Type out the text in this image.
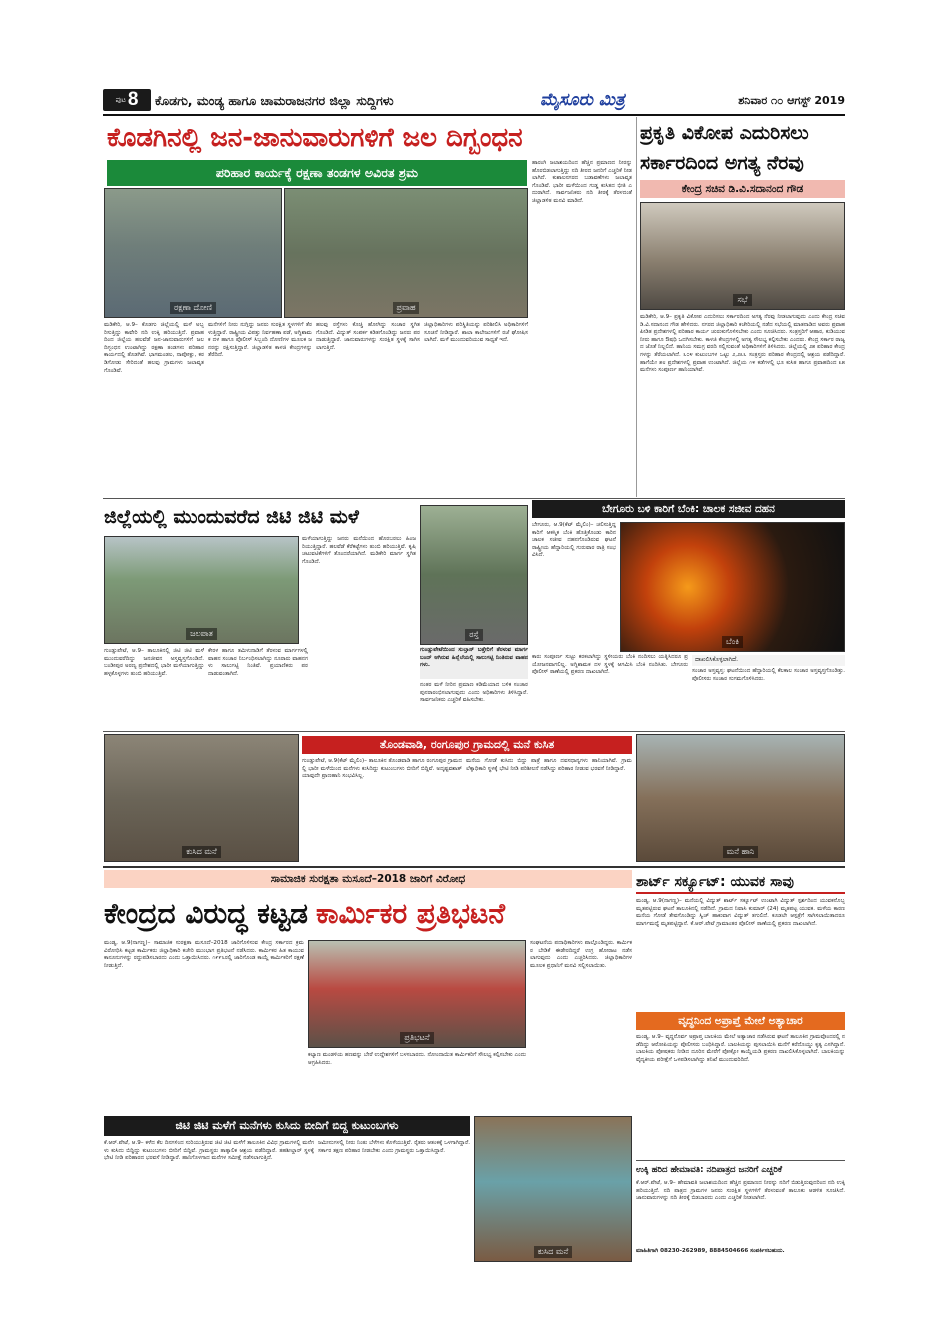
ಪುಟ 8 ಕೊಡಗು, ಮಂಡ್ಯ ಹಾಗೂ ಚಾಮರಾಜನಗರ ಜಿಲ್ಲಾ ಸುದ್ದಿಗಳು	ಮೈಸೂರು ಮಿತ್ರ	ಶನಿವಾರ ೧೦ ಆಗಸ್ಟ್ 2019
ಕೊಡಗಿನಲ್ಲಿ ಜನ-ಜಾನುವಾರುಗಳಿಗೆ ಜಲ ದಿಗ್ಬಂಧನ
ಪರಿಹಾರ ಕಾರ್ಯಕ್ಕೆ ರಕ್ಷಣಾ ತಂಡಗಳ ಅವಿರತ ಶ್ರಮ
ರಕ್ಷಣಾ ದೋಣಿ	ಪ್ರವಾಹ
ಮಡಿಕೇರಿ, ಆ.9– ಕೊಡಗು ಜಿಲ್ಲೆಯಲ್ಲಿ ಮಳೆ ಅಬ್ಬರಿಸುತ್ತಿದ್ದು ಕಾವೇರಿ ನದಿ ಉಕ್ಕಿ ಹರಿಯುತ್ತಿದೆ. ಪ್ರವಾಹದಿಂದ ಜಿಲ್ಲೆಯ ಹಲವೆಡೆ ಜನ-ಜಾನುವಾರುಗಳಿಗೆ ಜಲ ದಿಗ್ಬಂಧನ ಉಂಟಾಗಿದ್ದು ರಕ್ಷಣಾ ತಂಡಗಳು ಪರಿಹಾರ ಕಾರ್ಯದಲ್ಲಿ ತೊಡಗಿವೆ. ಭಾಗಮಂಡಲ, ನಾಪೋಕ್ಲು, ಕರಡಿಗೋಡು ಸೇರಿದಂತೆ ಹಲವು ಗ್ರಾಮಗಳು ಜಲಾವೃತಗೊಂಡಿವೆ.
ಮನೆಗಳಿಗೆ ನೀರು ನುಗ್ಗಿದ್ದು ಜನರು ಸುರಕ್ಷಿತ ಸ್ಥಳಗಳಿಗೆ ತೆರಳುತ್ತಿದ್ದಾರೆ. ರಾಷ್ಟ್ರೀಯ ವಿಪತ್ತು ನಿರ್ವಹಣಾ ಪಡೆ, ಅಗ್ನಿಶಾಮಕ ದಳ ಹಾಗೂ ಪೊಲೀಸ್ ಸಿಬ್ಬಂದಿ ದೋಣಿಗಳ ಮೂಲಕ ಜನರನ್ನು ರಕ್ಷಿಸುತ್ತಿದ್ದಾರೆ. ಜಿಲ್ಲಾಡಳಿತ ಕಾಳಜಿ ಕೇಂದ್ರಗಳನ್ನು ತೆರೆದಿದೆ.
ಹಲವು ರಸ್ತೆಗಳು ಕೊಚ್ಚಿ ಹೋಗಿದ್ದು ಸಂಚಾರ ಸ್ಥಗಿತಗೊಂಡಿದೆ. ವಿದ್ಯುತ್ ಸಂಪರ್ಕ ಕಡಿತಗೊಂಡಿದ್ದು ಜನರು ಪರದಾಡುತ್ತಿದ್ದಾರೆ. ಜಾನುವಾರುಗಳನ್ನು ಸುರಕ್ಷಿತ ಸ್ಥಳಕ್ಕೆ ಸಾಗಿಸಲಾಗುತ್ತಿದೆ.
ಜಿಲ್ಲಾಧಿಕಾರಿಗಳು ಪರಿಸ್ಥಿತಿಯನ್ನು ಪರಿಶೀಲಿಸಿ ಅಧಿಕಾರಿಗಳಿಗೆ ಸೂಚನೆ ನೀಡಿದ್ದಾರೆ. ಶಾಲಾ ಕಾಲೇಜುಗಳಿಗೆ ರಜೆ ಘೋಷಿಸಲಾಗಿದೆ. ಮಳೆ ಮುಂದುವರಿಯುವ ಸಾಧ್ಯತೆ ಇದೆ.
ಹಾರಂಗಿ ಜಲಾಶಯದಿಂದ ಹೆಚ್ಚಿನ ಪ್ರಮಾಣದ ನೀರನ್ನು ಹೊರಬಿಡಲಾಗುತ್ತಿದ್ದು ನದಿ ತೀರದ ಜನರಿಗೆ ಎಚ್ಚರಿಕೆ ನೀಡಲಾಗಿದೆ. ಕುಶಾಲನಗರದ ಬಡಾವಣೆಗಳು ಜಲಾವೃತಗೊಂಡಿವೆ. ಭಾರೀ ಮಳೆಯಿಂದ ಗುಡ್ಡ ಕುಸಿತದ ಭೀತಿ ಎದುರಾಗಿದೆ. ಸಾರ್ವಜನಿಕರು ನದಿ ತೀರಕ್ಕೆ ತೆರಳದಂತೆ ಜಿಲ್ಲಾಡಳಿತ ಮನವಿ ಮಾಡಿದೆ.
ಪ್ರಕೃತಿ ವಿಕೋಪ ಎದುರಿಸಲು
ಸರ್ಕಾರದಿಂದ ಅಗತ್ಯ ನೆರವು
ಕೇಂದ್ರ ಸಚಿವ ಡಿ.ವಿ.ಸದಾನಂದ ಗೌಡ
ಸಭೆ
ಮಡಿಕೇರಿ, ಆ.9– ಪ್ರಕೃತಿ ವಿಕೋಪ ಎದುರಿಸಲು ಸರ್ಕಾರದಿಂದ ಅಗತ್ಯ ನೆರವು ನೀಡಲಾಗುವುದು ಎಂದು ಕೇಂದ್ರ ಸಚಿವ ಡಿ.ವಿ.ಸದಾನಂದ ಗೌಡ ಹೇಳಿದರು. ನಗರದ ಜಿಲ್ಲಾಧಿಕಾರಿ ಕಚೇರಿಯಲ್ಲಿ ನಡೆದ ಸಭೆಯಲ್ಲಿ ಮಾತನಾಡಿದ ಅವರು ಪ್ರವಾಹ ಪೀಡಿತ ಪ್ರದೇಶಗಳಲ್ಲಿ ಪರಿಹಾರ ಕಾರ್ಯ ಚುರುಕುಗೊಳಿಸಬೇಕು ಎಂದು ಸೂಚಿಸಿದರು. ಸಂತ್ರಸ್ತರಿಗೆ ಆಹಾರ, ಕುಡಿಯುವ ನೀರು ಹಾಗೂ ಔಷಧಿ ಒದಗಿಸಬೇಕು. ಕಾಳಜಿ ಕೇಂದ್ರಗಳಲ್ಲಿ ಅಗತ್ಯ ಸೌಲಭ್ಯ ಕಲ್ಪಿಸಬೇಕು ಎಂದರು. ಕೇಂದ್ರ ಸರ್ಕಾರ ರಾಜ್ಯದ ಜೊತೆ ನಿಲ್ಲಲಿದೆ. ಹಾನಿಯ ಸಮಗ್ರ ವರದಿ ಸಲ್ಲಿಸುವಂತೆ ಅಧಿಕಾರಿಗಳಿಗೆ ತಿಳಿಸಿದರು. ಜಿಲ್ಲೆಯಲ್ಲಿ ೨೫ ಪರಿಹಾರ ಕೇಂದ್ರಗಳನ್ನು ತೆರೆಯಲಾಗಿದೆ. ೬೦೪ ಕುಟುಂಬಗಳ ಒಟ್ಟು ೨,೨೩೬ ಸಂತ್ರಸ್ತರು ಪರಿಹಾರ ಕೇಂದ್ರದಲ್ಲಿ ಆಶ್ರಯ ಪಡೆದಿದ್ದಾರೆ. ಹಾಗೆಯೇ ೫೮ ಪ್ರದೇಶಗಳಲ್ಲಿ ಪ್ರವಾಹ ಉಂಟಾಗಿದೆ. ಜಿಲ್ಲೆಯ ೧೪ ಕಡೆಗಳಲ್ಲಿ ಭೂ ಕುಸಿತ ಹಾಗೂ ಪ್ರವಾಹದಿಂದ ೩೫ ಮನೆಗಳು ಸಂಪೂರ್ಣ ಹಾನಿಯಾಗಿವೆ.
ಜಿಲ್ಲೆಯಲ್ಲಿ ಮುಂದುವರೆದ ಜಿಟಿ ಜಿಟಿ ಮಳೆ
ಜಲಪಾತ
ಮಳೆಯಾಗುತ್ತಿದ್ದು ಜನರು ಮನೆಯಿಂದ ಹೊರಬರಲು ಹಿಂಜರಿಯುತ್ತಿದ್ದಾರೆ. ಹಲವೆಡೆ ಕೆರೆಕಟ್ಟೆಗಳು ತುಂಬಿ ಹರಿಯುತ್ತಿವೆ. ಕೃಷಿ ಚಟುವಟಿಕೆಗಳಿಗೆ ತೊಂದರೆಯಾಗಿದೆ. ಮಡಿಕೇರಿ ಮಾರ್ಗ ಸ್ಥಗಿತಗೊಂಡಿದೆ.
ರಸ್ತೆ
ಗುಂಡ್ಲುಪೇಟೆಯಿಂದ ಸುಲ್ತಾನ್ ಬತ್ತೇರಿಗೆ ತೆರಳುವ ಮಾರ್ಗ ಬಂದ್ ಆಗಿರುವ ಹಿನ್ನೆಲೆಯಲ್ಲಿ ಸಾಲುಗಟ್ಟಿ ನಿಂತಿರುವ ವಾಹನಗಳು.
ಗುಂಡ್ಲುಪೇಟೆ, ಆ.9– ತಾಲೂಕಿನಲ್ಲಿ ಜಿಟಿ ಜಿಟಿ ಮಳೆ ಮುಂದುವರೆದಿದ್ದು ಜನಜೀವನ ಅಸ್ತವ್ಯಸ್ತಗೊಂಡಿದೆ. ಬಂಡೀಪುರ ಅರಣ್ಯ ಪ್ರದೇಶದಲ್ಲಿ ಭಾರೀ ಮಳೆಯಾಗುತ್ತಿದ್ದು ಹಳ್ಳಕೊಳ್ಳಗಳು ತುಂಬಿ ಹರಿಯುತ್ತಿವೆ.
ಕೇರಳ ಹಾಗೂ ತಮಿಳುನಾಡಿಗೆ ತೆರಳುವ ಮಾರ್ಗಗಳಲ್ಲಿ ವಾಹನ ಸಂಚಾರ ನಿರ್ಬಂಧಿಸಲಾಗಿದ್ದು ನೂರಾರು ವಾಹನಗಳು ಸಾಲುಗಟ್ಟಿ ನಿಂತಿವೆ. ಪ್ರಯಾಣಿಕರು ಪರದಾಡುವಂತಾಗಿದೆ.
ನಂತರ ಮಳೆ ನೀರಿನ ಪ್ರಮಾಣ ಕಡಿಮೆಯಾದ ಬಳಿಕ ಸಂಚಾರ ಪುನರಾರಂಭಿಸಲಾಗುವುದು ಎಂದು ಅಧಿಕಾರಿಗಳು ತಿಳಿಸಿದ್ದಾರೆ. ಸಾರ್ವಜನಿಕರು ಎಚ್ಚರಿಕೆ ವಹಿಸಬೇಕು.
ಬೇಗೂರು ಬಳಿ ಕಾರಿಗೆ ಬೆಂಕಿ: ಚಾಲಕ ಸಜೀವ ದಹನ
ಬೇಗೂರು, ಆ.9(ಕೆಟ್ ಮೈಲಿಂ)– ಚಲಿಸುತ್ತಿದ್ದ ಕಾರಿಗೆ ಆಕಸ್ಮಿಕ ಬೆಂಕಿ ಹೊತ್ತಿಕೊಂಡು ಕಾರಿನ ಚಾಲಕ ಸಜೀವ ದಹನಗೊಂಡಿರುವ ಘಟನೆ ರಾಷ್ಟ್ರೀಯ ಹೆದ್ದಾರಿಯಲ್ಲಿ ಗುರುವಾರ ರಾತ್ರಿ ಸಂಭವಿಸಿದೆ.
ಬೆಂಕಿ
ಕಾರು ಸಂಪೂರ್ಣ ಸುಟ್ಟು ಕರಕಲಾಗಿದ್ದು ಸ್ಥಳೀಯರು ಬೆಂಕಿ ನಂದಿಸಲು ಯತ್ನಿಸಿದರೂ ಪ್ರಯೋಜನವಾಗಲಿಲ್ಲ. ಅಗ್ನಿಶಾಮಕ ದಳ ಸ್ಥಳಕ್ಕೆ ಆಗಮಿಸಿ ಬೆಂಕಿ ನಂದಿಸಿತು. ಬೇಗೂರು ಪೊಲೀಸ್ ಠಾಣೆಯಲ್ಲಿ ಪ್ರಕರಣ ದಾಖಲಾಗಿದೆ.
ದಾಖಲಿಸಿಕೊಳ್ಳಲಾಗಿದೆ.
ಸಂಚಾರ ಅಸ್ತವ್ಯಸ್ತ: ಘಟನೆಯಿಂದ ಹೆದ್ದಾರಿಯಲ್ಲಿ ಕೆಲಕಾಲ ಸಂಚಾರ ಅಸ್ತವ್ಯಸ್ತಗೊಂಡಿತ್ತು. ಪೊಲೀಸರು ಸಂಚಾರ ಸುಗಮಗೊಳಿಸಿದರು.
ಕುಸಿದ ಮನೆ
ತೊಂಡವಾಡಿ, ರಂಗೂಪುರ ಗ್ರಾಮದಲ್ಲಿ ಮನೆ ಕುಸಿತ
ಗುಂಡ್ಲುಪೇಟೆ, ಆ.9(ಕೆಟ್ ಮೈಲಿಂ)– ತಾಲೂಕಿನ ತೊಂಡವಾಡಿ ಹಾಗೂ ರಂಗೂಪುರ ಗ್ರಾಮದಲ್ಲಿ ಭಾರೀ ಮಳೆಯಿಂದ ಮನೆಗಳು ಕುಸಿದಿದ್ದು ಕುಟುಂಬಗಳು ಬೀದಿಗೆ ಬಿದ್ದಿವೆ. ಅದೃಷ್ಟವಶಾತ್ ಯಾವುದೇ ಪ್ರಾಣಹಾನಿ ಸಂಭವಿಸಿಲ್ಲ.
ಮನೆಯ ಗೋಡೆ ಕುಸಿದು ಬಿದ್ದು ಪಾತ್ರೆ ಹಾಗೂ ದವಸಧಾನ್ಯಗಳು ಹಾನಿಯಾಗಿವೆ. ಗ್ರಾಮ ಲೆಕ್ಕಾಧಿಕಾರಿ ಸ್ಥಳಕ್ಕೆ ಭೇಟಿ ನೀಡಿ ಪರಿಶೀಲನೆ ನಡೆಸಿದ್ದು ಪರಿಹಾರ ನೀಡುವ ಭರವಸೆ ನೀಡಿದ್ದಾರೆ.
ಮನೆ ಹಾನಿ
ಸಾಮಾಜಿಕ ಸುರಕ್ಷತಾ ಮಸೂದೆ–2018 ಜಾರಿಗೆ ವಿರೋಧ
ಕೇಂದ್ರದ ವಿರುದ್ಧ ಕಟ್ಟಡ ಕಾರ್ಮಿಕರ ಪ್ರತಿಭಟನೆ
ಮಂಡ್ಯ, ಆ.9(ನಾಗಣ್ಣ)– ಸಾಮಾಜಿಕ ಸುರಕ್ಷತಾ ಮಸೂದೆ–2018 ಜಾರಿಗೊಳಿಸುವ ಕೇಂದ್ರ ಸರ್ಕಾರದ ಕ್ರಮ ವಿರೋಧಿಸಿ ಕಟ್ಟಡ ಕಾರ್ಮಿಕರು ಜಿಲ್ಲಾಧಿಕಾರಿ ಕಚೇರಿ ಮುಂಭಾಗ ಪ್ರತಿಭಟನೆ ನಡೆಸಿದರು. ಕಾರ್ಮಿಕರ ಹಿತ ಕಾಯುವ ಕಾನೂನುಗಳನ್ನು ರದ್ದುಪಡಿಸಬಾರದು ಎಂದು ಒತ್ತಾಯಿಸಿದರು. ೧೯೯೬ರಲ್ಲಿ ಜಾರಿಗೊಂಡ ಕಾಯ್ದೆ ಕಾರ್ಮಿಕರಿಗೆ ರಕ್ಷಣೆ ನೀಡುತ್ತಿದೆ.
ಪ್ರತಿಭಟನೆ
ಕಲ್ಯಾಣ ಮಂಡಳಿಯ ಹಣವನ್ನು ಬೇರೆ ಉದ್ದೇಶಗಳಿಗೆ ಬಳಸಬಾರದು. ನೋಂದಾಯಿತ ಕಾರ್ಮಿಕರಿಗೆ ಸೌಲಭ್ಯ ಕಲ್ಪಿಸಬೇಕು ಎಂದು ಆಗ್ರಹಿಸಿದರು.
ಸಂಘಟನೆಯ ಪದಾಧಿಕಾರಿಗಳು ಪಾಲ್ಗೊಂಡಿದ್ದರು. ಕಾರ್ಮಿಕರ ಬೇಡಿಕೆ ಈಡೇರದಿದ್ದರೆ ಉಗ್ರ ಹೋರಾಟ ನಡೆಸಲಾಗುವುದು ಎಂದು ಎಚ್ಚರಿಸಿದರು. ಜಿಲ್ಲಾಧಿಕಾರಿಗಳ ಮೂಲಕ ಪ್ರಧಾನಿಗೆ ಮನವಿ ಸಲ್ಲಿಸಲಾಯಿತು.
ಶಾರ್ಟ್ ಸರ್ಕ್ಯೂಟ್: ಯುವಕ ಸಾವು
ಮಂಡ್ಯ, ಆ.9(ನಾಗಣ್ಣ)– ಮನೆಯಲ್ಲಿ ವಿದ್ಯುತ್ ಶಾರ್ಟ್ ಸರ್ಕ್ಯೂಟ್ ಉಂಟಾಗಿ ವಿದ್ಯುತ್ ಸ್ಪರ್ಶದಿಂದ ಯುವಕನೊಬ್ಬ ಮೃತಪಟ್ಟಿರುವ ಘಟನೆ ತಾಲೂಕಿನಲ್ಲಿ ನಡೆದಿದೆ. ಗ್ರಾಮದ ನಿವಾಸಿ ಕುಮಾರ್ (24) ಮೃತಪಟ್ಟ ಯುವಕ. ಮಳೆಯ ಕಾರಣ ಮನೆಯ ಗೋಡೆ ತೇವಗೊಂಡಿದ್ದು ಸ್ವಿಚ್ ಹಾಕುವಾಗ ವಿದ್ಯುತ್ ತಗುಲಿದೆ. ಕೂಡಲೇ ಆಸ್ಪತ್ರೆಗೆ ಸಾಗಿಸಲಾಯಿತಾದರೂ ಮಾರ್ಗಮಧ್ಯೆ ಮೃತಪಟ್ಟಿದ್ದಾನೆ. ಕೆ.ಆರ್.ಪೇಟೆ ಗ್ರಾಮಾಂತರ ಪೊಲೀಸ್ ಠಾಣೆಯಲ್ಲಿ ಪ್ರಕರಣ ದಾಖಲಾಗಿದೆ.
ವೃದ್ಧನಿಂದ ಅಪ್ರಾಪ್ತೆ ಮೇಲೆ ಅತ್ಯಾಚಾರ
ಮಂಡ್ಯ, ಆ.9– ವೃದ್ಧನೊರ್ವ ಅಪ್ರಾಪ್ತ ಬಾಲಕಿಯ ಮೇಲೆ ಅತ್ಯಾಚಾರ ನಡೆಸಿರುವ ಘಟನೆ ತಾಲೂಕಿನ ಗ್ರಾಮವೊಂದರಲ್ಲಿ ನಡೆದಿದ್ದು ಆರೋಪಿಯನ್ನು ಪೊಲೀಸರು ಬಂಧಿಸಿದ್ದಾರೆ. ಬಾಲಕಿಯನ್ನು ಪುಸಲಾಯಿಸಿ ಮನೆಗೆ ಕರೆದೊಯ್ದು ಕೃತ್ಯ ಎಸಗಿದ್ದಾನೆ. ಬಾಲಕಿಯ ಪೋಷಕರು ನೀಡಿದ ದೂರಿನ ಮೇರೆಗೆ ಪೋಕ್ಸೋ ಕಾಯ್ದೆಯಡಿ ಪ್ರಕರಣ ದಾಖಲಿಸಿಕೊಳ್ಳಲಾಗಿದೆ. ಬಾಲಕಿಯನ್ನು ವೈದ್ಯಕೀಯ ಪರೀಕ್ಷೆಗೆ ಒಳಪಡಿಸಲಾಗಿದ್ದು ತನಿಖೆ ಮುಂದುವರಿದಿದೆ.
ಜಿಟಿ ಜಿಟಿ ಮಳೆಗೆ ಮನೆಗಳು ಕುಸಿದು ಬೀದಿಗೆ ಬಿದ್ದ ಕುಟುಂಬಗಳು
ಕೆ.ಆರ್.ಪೇಟೆ, ಆ.9– ಕಳೆದ ಕೆಲ ದಿನಗಳಿಂದ ಸುರಿಯುತ್ತಿರುವ ಜಿಟಿ ಜಿಟಿ ಮಳೆಗೆ ತಾಲೂಕಿನ ವಿವಿಧ ಗ್ರಾಮಗಳಲ್ಲಿ ಮನೆಗಳು ಕುಸಿದು ಬಿದ್ದಿದ್ದು ಕುಟುಂಬಗಳು ಬೀದಿಗೆ ಬಿದ್ದಿವೆ. ಗ್ರಾಮಸ್ಥರು ತಾತ್ಕಾಲಿಕ ಆಶ್ರಯ ಪಡೆದಿದ್ದಾರೆ. ತಹಶೀಲ್ದಾರ್ ಸ್ಥಳಕ್ಕೆ ಭೇಟಿ ನೀಡಿ ಪರಿಹಾರದ ಭರವಸೆ ನೀಡಿದ್ದಾರೆ. ಹಾನಿಗೊಳಗಾದ ಮನೆಗಳ ಸಮೀಕ್ಷೆ ನಡೆಸಲಾಗುತ್ತಿದೆ.
ಜಮೀನುಗಳಲ್ಲಿ ನೀರು ನಿಂತು ಬೆಳೆಗಳು ಕೊಳೆಯುತ್ತಿವೆ. ರೈತರು ಆತಂಕಕ್ಕೆ ಒಳಗಾಗಿದ್ದಾರೆ. ಸರ್ಕಾರ ತಕ್ಷಣ ಪರಿಹಾರ ನೀಡಬೇಕು ಎಂದು ಗ್ರಾಮಸ್ಥರು ಒತ್ತಾಯಿಸಿದ್ದಾರೆ.
ಕುಸಿದ ಮನೆ
ಉಕ್ಕಿ ಹರಿದ ಹೇಮಾವತಿ: ನದಿಪಾತ್ರದ ಜನರಿಗೆ ಎಚ್ಚರಿಕೆ
ಕೆ.ಆರ್.ಪೇಟೆ, ಆ.9– ಹೇಮಾವತಿ ಜಲಾಶಯದಿಂದ ಹೆಚ್ಚಿನ ಪ್ರಮಾಣದ ನೀರನ್ನು ನದಿಗೆ ಬಿಡುತ್ತಿರುವುದರಿಂದ ನದಿ ಉಕ್ಕಿ ಹರಿಯುತ್ತಿದೆ. ನದಿ ಪಾತ್ರದ ಗ್ರಾಮಗಳ ಜನರು ಸುರಕ್ಷಿತ ಸ್ಥಳಗಳಿಗೆ ತೆರಳುವಂತೆ ತಾಲೂಕು ಆಡಳಿತ ಸೂಚಿಸಿದೆ. ಜಾನುವಾರುಗಳನ್ನು ನದಿ ತೀರಕ್ಕೆ ಬಿಡಬಾರದು ಎಂದು ಎಚ್ಚರಿಕೆ ನೀಡಲಾಗಿದೆ.
ಮಾಹಿತಿಗಾಗಿ 08230-262989, 8884504666 ಸಂಪರ್ಕಿಸಬಹುದು.
